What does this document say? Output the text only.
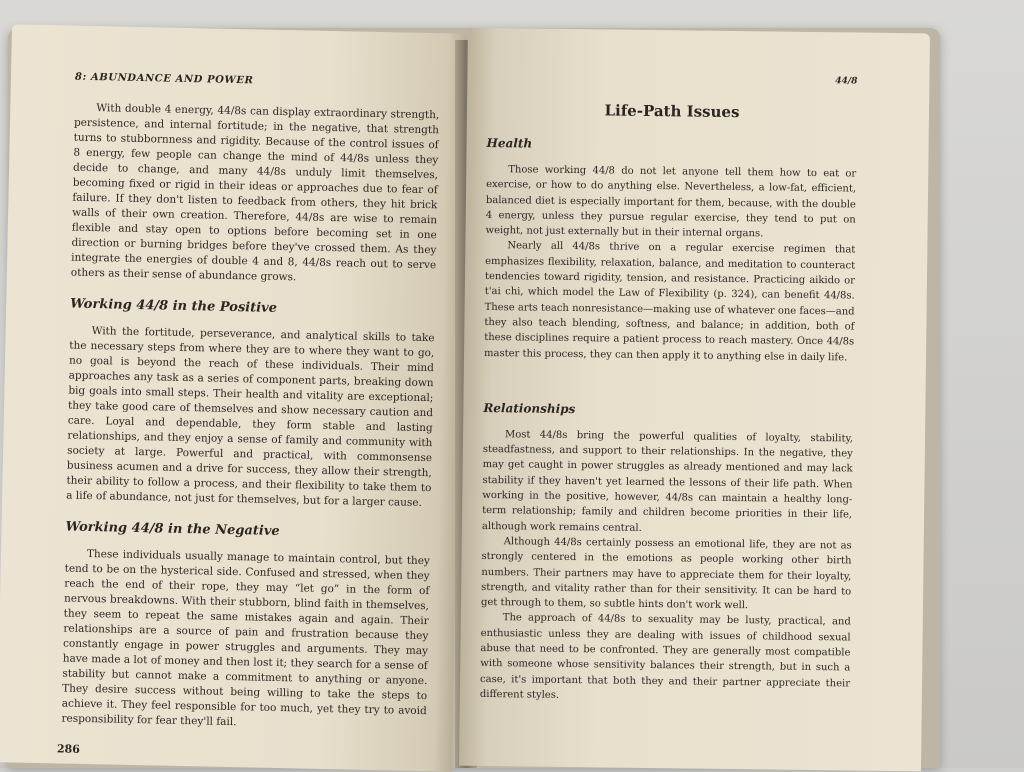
8: ABUNDANCE AND POWER

With double 4 energy, 44/8s can display extraordinary strength, persistence, and internal fortitude; in the negative, that strength turns to stubbornness and rigidity. Because of the control issues of 8 energy, few people can change the mind of 44/8s unless they decide to change, and many 44/8s unduly limit themselves, becoming fixed or rigid in their ideas or approaches due to fear of failure. If they don't listen to feedback from others, they hit brick walls of their own creation. Therefore, 44/8s are wise to remain flexible and stay open to options before becoming set in one direction or burning bridges before they've crossed them. As they integrate the energies of double 4 and 8, 44/8s reach out to serve others as their sense of abundance grows.

Working 44/8 in the Positive

With the fortitude, perseverance, and analytical skills to take the necessary steps from where they are to where they want to go, no goal is beyond the reach of these individuals. Their mind approaches any task as a series of component parts, breaking down big goals into small steps. Their health and vitality are exceptional; they take good care of themselves and show necessary caution and care. Loyal and dependable, they form stable and lasting relationships, and they enjoy a sense of family and community with society at large. Powerful and practical, with commonsense business acumen and a drive for success, they allow their strength, their ability to follow a process, and their flexibility to take them to a life of abundance, not just for themselves, but for a larger cause.

Working 44/8 in the Negative

These individuals usually manage to maintain control, but they tend to be on the hysterical side. Confused and stressed, when they reach the end of their rope, they may “let go” in the form of nervous breakdowns. With their stubborn, blind faith in themselves, they seem to repeat the same mistakes again and again. Their relationships are a source of pain and frustration because they constantly engage in power struggles and arguments. They may have made a lot of money and then lost it; they search for a sense of stability but cannot make a commitment to anything or anyone. They desire success without being willing to take the steps to achieve it. They feel responsible for too much, yet they try to avoid responsibility for fear they'll fail.

286
44/8
Life-Path Issues
Health

Those working 44/8 do not let anyone tell them how to eat or exercise, or how to do anything else. Nevertheless, a low-fat, efficient, balanced diet is especially important for them, because, with the double 4 energy, unless they pursue regular exercise, they tend to put on weight, not just externally but in their internal organs.

Nearly all 44/8s thrive on a regular exercise regimen that emphasizes flexibility, relaxation, balance, and meditation to counteract tendencies toward rigidity, tension, and resistance. Practicing aikido or t'ai chi, which model the Law of Flexibility (p. 324), can benefit 44/8s. These arts teach nonresistance—making use of whatever one faces—and they also teach blending, softness, and balance; in addition, both of these disciplines require a patient process to reach mastery. Once 44/8s master this process, they can then apply it to anything else in daily life.

Relationships

Most 44/8s bring the powerful qualities of loyalty, stability, steadfastness, and support to their relationships. In the negative, they may get caught in power struggles as already mentioned and may lack stability if they haven't yet learned the lessons of their life path. When working in the positive, however, 44/8s can maintain a healthy long-term relationship; family and children become priorities in their life, although work remains central.

Although 44/8s certainly possess an emotional life, they are not as strongly centered in the emotions as people working other birth numbers. Their partners may have to appreciate them for their loyalty, strength, and vitality rather than for their sensitivity. It can be hard to get through to them, so subtle hints don't work well.

The approach of 44/8s to sexuality may be lusty, practical, and enthusiastic unless they are dealing with issues of childhood sexual abuse that need to be confronted. They are generally most compatible with someone whose sensitivity balances their strength, but in such a case, it's important that both they and their partner appreciate their different styles.
